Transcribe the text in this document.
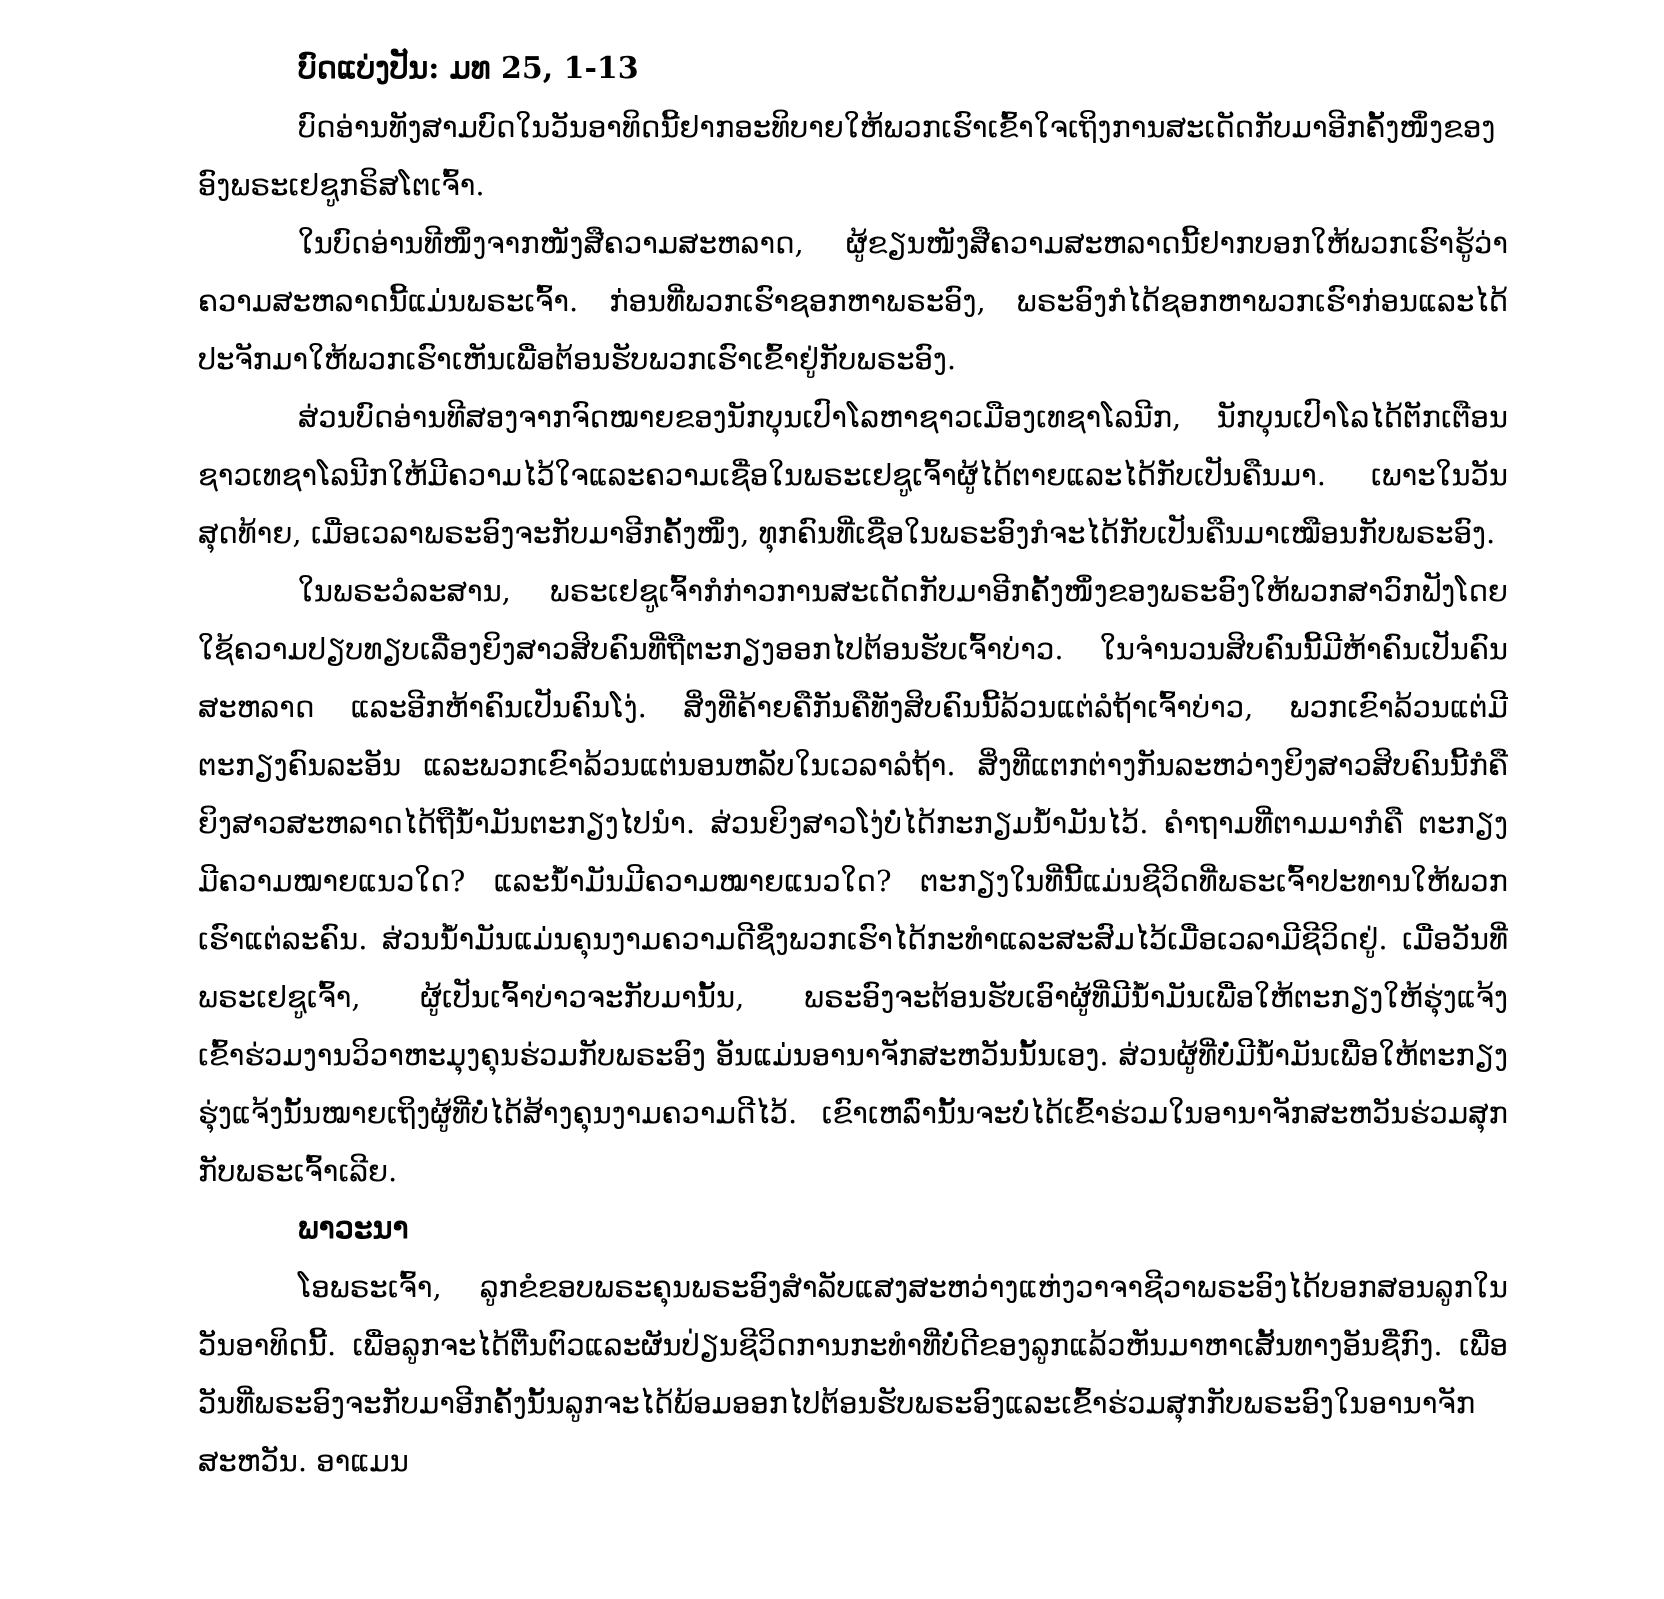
ບົດແບ່ງປັນ: ມທ 25, 1-13

ບົດອ່ານທັງສາມບົດໃນວັນອາທິດນີ້ຢາກອະທິບາຍໃຫ້ພວກເຮົາເຂົ້າໃຈເຖິງການສະເດັດກັບມາອີກຄັ້ງໜຶ່ງຂອງອົງພຣະເຢຊູກຣິສໂຕເຈົ້າ.

ໃນບົດອ່ານທີໜຶ່ງຈາກໜັງສືຄວາມສະຫລາດ, ຜູ້ຂຽນໜັງສືຄວາມສະຫລາດນີ້ຢາກບອກໃຫ້ພວກເຮົາຮູ້ວ່າຄວາມສະຫລາດນີ້ແມ່ນພຣະເຈົ້າ. ກ່ອນທີ່ພວກເຮົາຊອກຫາພຣະອົງ, ພຣະອົງກໍໄດ້ຊອກຫາພວກເຮົາກ່ອນແລະໄດ້ປະຈັກມາໃຫ້ພວກເຮົາເຫັນເພື່ອຕ້ອນຮັບພວກເຮົາເຂົ້າຢູ່ກັບພຣະອົງ.

ສ່ວນບົດອ່ານທີສອງຈາກຈົດໝາຍຂອງນັກບຸນເປົາໂລຫາຊາວເມືອງເທຊາໂລນີກ, ນັກບຸນເປົາໂລໄດ້ຕັກເຕືອນຊາວເທຊາໂລນີກໃຫ້ມີຄວາມໄວ້ໃຈແລະຄວາມເຊື່ອໃນພຣະເຢຊູເຈົ້າຜູ້ໄດ້ຕາຍແລະໄດ້ກັບເປັນຄືນມາ. ເພາະໃນວັນສຸດທ້າຍ, ເມື່ອເວລາພຣະອົງຈະກັບມາອີກຄັ້ງໜຶ່ງ, ທຸກຄົນທີ່ເຊື່ອໃນພຣະອົງກໍຈະໄດ້ກັບເປັນຄືນມາເໝືອນກັບພຣະອົງ.

ໃນພຣະວໍລະສານ, ພຣະເຢຊູເຈົ້າກໍກ່າວການສະເດັດກັບມາອີກຄັ້ງໜຶ່ງຂອງພຣະອົງໃຫ້ພວກສາວົກຟັງໂດຍໃຊ້ຄວາມປຽບທຽບເລື່ອງຍິງສາວສິບຄົນທີ່ຖືຕະກຽງອອກໄປຕ້ອນຮັບເຈົ້າບ່າວ. ໃນຈຳນວນສິບຄົນນີ້ມີຫ້າຄົນເປັນຄົນສະຫລາດ ແລະອີກຫ້າຄົນເປັນຄົນໂງ່. ສິ່ງທີ່ຄ້າຍຄືກັນຄືທັງສິບຄົນນີ້ລ້ວນແຕ່ລໍຖ້າເຈົ້າບ່າວ, ພວກເຂົາລ້ວນແຕ່ມີຕະກຽງຄົນລະອັນ ແລະພວກເຂົາລ້ວນແຕ່ນອນຫລັບໃນເວລາລໍຖ້າ. ສິ່ງທີ່ແຕກຕ່າງກັນລະຫວ່າງຍິງສາວສິບຄົນນີ້ກໍຄື ຍິງສາວສະຫລາດໄດ້ຖືນ້ຳມັນຕະກຽງໄປນຳ. ສ່ວນຍິງສາວໂງ່ບໍ່ໄດ້ກະກຽມນ້ຳມັນໄວ້. ຄຳຖາມທີ່ຕາມມາກໍຄື ຕະກຽງມີຄວາມໝາຍແນວໃດ? ແລະນ້ຳມັນມີຄວາມໝາຍແນວໃດ? ຕະກຽງໃນທີ່ນີ້ແມ່ນຊີວິດທີ່ພຣະເຈົ້າປະທານໃຫ້ພວກເຮົາແຕ່ລະຄົນ. ສ່ວນນ້ຳມັນແມ່ນຄຸນງາມຄວາມດີຊຶ່ງພວກເຮົາໄດ້ກະທຳແລະສະສົມໄວ້ເມື່ອເວລາມີຊີວິດຢູ່. ເມື່ອວັນທີ່ພຣະເຢຊູເຈົ້າ, ຜູ້ເປັນເຈົ້າບ່າວຈະກັບມານັ້ນ, ພຣະອົງຈະຕ້ອນຮັບເອົາຜູ້ທີ່ມີນ້ຳມັນເພື່ອໃຫ້ຕະກຽງໃຫ້ຮຸ່ງແຈ້ງເຂົ້າຮ່ວມງານວິວາຫະມຸງຄຸນຮ່ວມກັບພຣະອົງ ອັນແມ່ນອານາຈັກສະຫວັນນັ້ນເອງ. ສ່ວນຜູ້ທີ່ບໍ່ມີນ້ຳມັນເພື່ອໃຫ້ຕະກຽງຮຸ່ງແຈ້ງນັ້ນໝາຍເຖິງຜູ້ທີ່ບໍ່ໄດ້ສ້າງຄຸນງາມຄວາມດີໄວ້. ເຂົາເຫລົ່ານັ້ນຈະບໍ່ໄດ້ເຂົ້າຮ່ວມໃນອານາຈັກສະຫວັນຮ່ວມສຸກກັບພຣະເຈົ້າເລີຍ.

ພາວະນາ

ໂອພຣະເຈົ້າ, ລູກຂໍຂອບພຣະຄຸນພຣະອົງສຳລັບແສງສະຫວ່າງແຫ່ງວາຈາຊີວາພຣະອົງໄດ້ບອກສອນລູກໃນວັນອາທິດນີ້. ເພື່ອລູກຈະໄດ້ຕື່ນຕົວແລະຜັນປ່ຽນຊີວິດການກະທຳທີ່ບໍ່ດີຂອງລູກແລ້ວຫັນມາຫາເສັ້ນທາງອັນຊື່ກົງ. ເພື່ອວັນທີ່ພຣະອົງຈະກັບມາອີກຄັ້ງນັ້ນລູກຈະໄດ້ພ້ອມອອກໄປຕ້ອນຮັບພຣະອົງແລະເຂົ້າຮ່ວມສຸກກັບພຣະອົງໃນອານາຈັກສະຫວັນ. ອາແມນ
